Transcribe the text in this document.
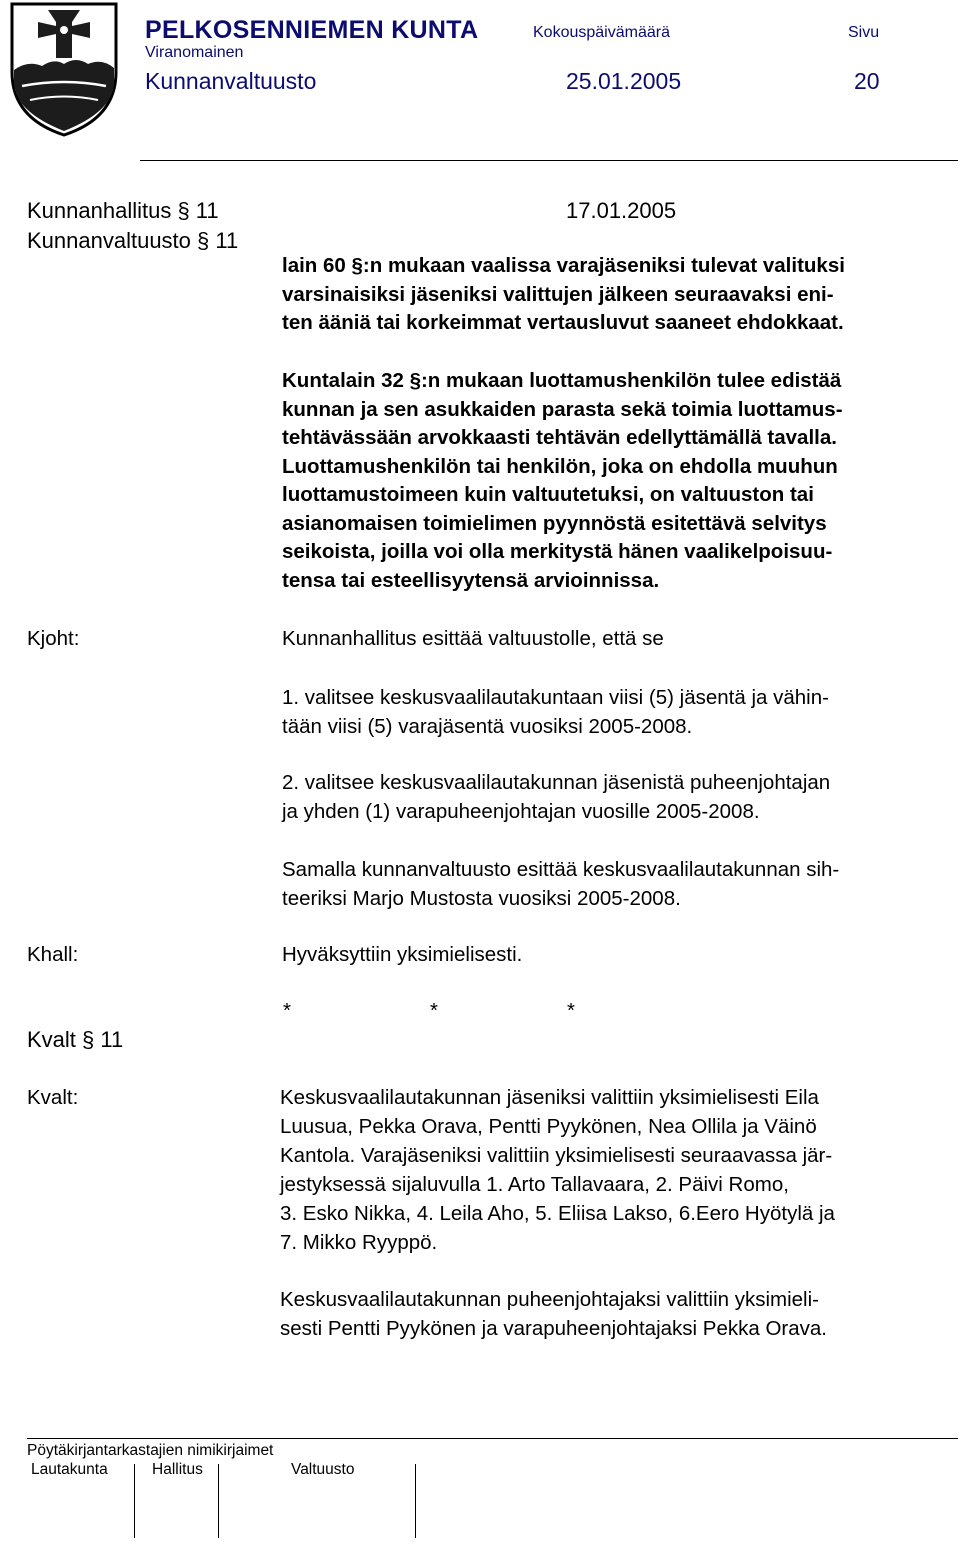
PELKOSENNIEMEN KUNTA
Viranomainen
Kunnanvaltuusto
Kokouspäivämäärä
25.01.2005
Sivu
20
Kunnanhallitus § 11	17.01.2005
Kunnanvaltuusto § 11
lain 60 §:n mukaan vaalissa varajäseniksi tulevat valituksi
varsinaisiksi jäseniksi valittujen jälkeen seuraavaksi eni-
ten ääniä tai korkeimmat vertausluvut saaneet ehdokkaat.
Kuntalain 32 §:n mukaan luottamushenkilön tulee edistää
kunnan ja sen asukkaiden parasta sekä toimia luottamus-
tehtävässään arvokkaasti tehtävän edellyttämällä tavalla.
Luottamushenkilön tai henkilön, joka on ehdolla muuhun
luottamustoimeen kuin valtuutetuksi, on valtuuston tai
asianomaisen toimielimen pyynnöstä esitettävä selvitys
seikoista, joilla voi olla merkitystä hänen vaalikelpoisuu-
tensa tai esteellisyytensä arvioinnissa.
Kjoht:	Kunnanhallitus esittää valtuustolle, että se
1. valitsee keskusvaalilautakuntaan viisi (5) jäsentä ja vähin-
tään viisi (5) varajäsentä vuosiksi 2005-2008.
2. valitsee keskusvaalilautakunnan jäsenistä puheenjohtajan
ja yhden (1) varapuheenjohtajan vuosille 2005-2008.
Samalla kunnanvaltuusto esittää keskusvaalilautakunnan sih-
teeriksi Marjo Mustosta vuosiksi 2005-2008.
Khall:	Hyväksyttiin yksimielisesti.
*	*	*
Kvalt § 11
Kvalt:	Keskusvaalilautakunnan jäseniksi valittiin yksimielisesti Eila
Luusua, Pekka Orava, Pentti Pyykönen, Nea Ollila ja Väinö
Kantola. Varajäseniksi valittiin yksimielisesti seuraavassa jär-
jestyksessä sijaluvulla 1. Arto Tallavaara, 2. Päivi Romo,
3. Esko Nikka, 4. Leila Aho, 5. Eliisa Lakso, 6.Eero Hyötylä ja
7. Mikko Ryyppö.
Keskusvaalilautakunnan puheenjohtajaksi valittiin yksimieli-
sesti Pentti Pyykönen ja varapuheenjohtajaksi Pekka Orava.
Pöytäkirjantarkastajien nimikirjaimet
Lautakunta	Hallitus	Valtuusto
